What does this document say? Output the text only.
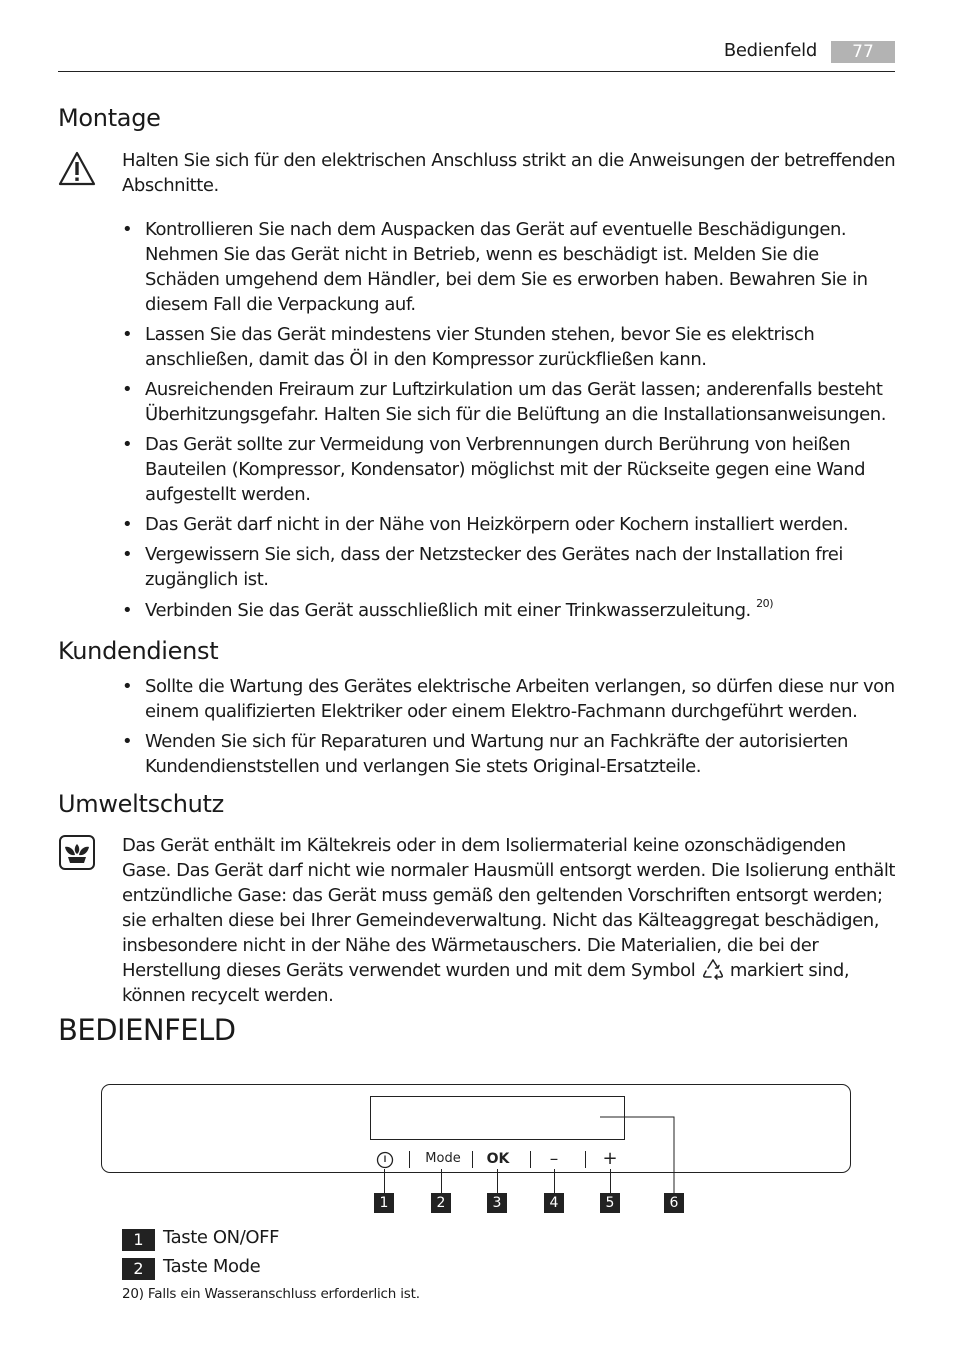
Bedienfeld	77
Montage
Halten Sie sich für den elektrischen Anschluss strikt an die Anweisungen der betreffenden Abschnitte.
• Kontrollieren Sie nach dem Auspacken das Gerät auf eventuelle Beschädigungen. Nehmen Sie das Gerät nicht in Betrieb, wenn es beschädigt ist. Melden Sie die Schäden umgehend dem Händler, bei dem Sie es erworben haben. Bewahren Sie in diesem Fall die Verpackung auf.
• Lassen Sie das Gerät mindestens vier Stunden stehen, bevor Sie es elektrisch anschließen, damit das Öl in den Kompressor zurückfließen kann.
• Ausreichenden Freiraum zur Luftzirkulation um das Gerät lassen; anderenfalls besteht Überhitzungsgefahr. Halten Sie sich für die Belüftung an die Installationsanweisungen.
• Das Gerät sollte zur Vermeidung von Verbrennungen durch Berührung von heißen Bauteilen (Kompressor, Kondensator) möglichst mit der Rückseite gegen eine Wand aufgestellt werden.
• Das Gerät darf nicht in der Nähe von Heizkörpern oder Kochern installiert werden.
• Vergewissern Sie sich, dass der Netzstecker des Gerätes nach der Installation frei zugänglich ist.
• Verbinden Sie das Gerät ausschließlich mit einer Trinkwasserzuleitung. $^{20)}$
Kundendienst
• Sollte die Wartung des Gerätes elektrische Arbeiten verlangen, so dürfen diese nur von einem qualifizierten Elektriker oder einem Elektro-Fachmann durchgeführt werden.
• Wenden Sie sich für Reparaturen und Wartung nur an Fachkräfte der autorisierten Kundendienststellen und verlangen Sie stets Original-Ersatzteile.
Umweltschutz
Das Gerät enthält im Kältekreis oder in dem Isoliermaterial keine ozonschädigenden Gase. Das Gerät darf nicht wie normaler Hausmüll entsorgt werden. Die Isolierung enthält entzündliche Gase: das Gerät muss gemäß den geltenden Vorschriften entsorgt werden; sie erhalten diese bei Ihrer Gemeindeverwaltung. Nicht das Kälteaggregat beschädigen, insbesondere nicht in der Nähe des Wärmetauschers. Die Materialien, die bei der Herstellung dieses Geräts verwendet wurden und mit dem Symbol markiert sind, können recycelt werden.
BEDIENFELD
Mode	OK	–	+
1	2	3	4	5	6
1	Taste ON/OFF
2	Taste Mode
20) Falls ein Wasseranschluss erforderlich ist.
